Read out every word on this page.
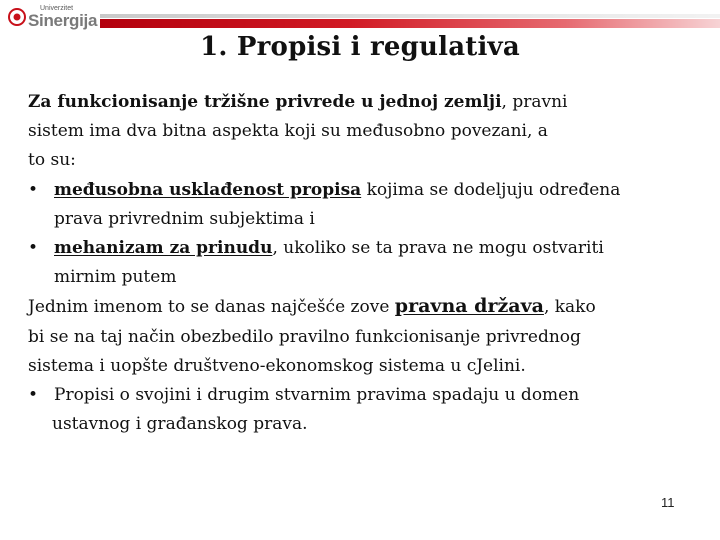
Univerzitet
Sinergija
1. Propisi i regulativa
Za funkcionisanje tržišne privrede u jednoj zemlji, pravni
sistem ima dva bitna aspekta koji su međusobno povezani, a
to su:
• međusobna usklađenost propisa kojima se dodeljuju određena
prava privrednim subjektima i
• mehanizam za prinudu, ukoliko se ta prava ne mogu ostvariti
mirnim putem
Jednim imenom to se danas najčešće zove pravna država, kako
bi se na taj način obezbedilo pravilno funkcionisanje privrednog
sistema i uopšte društveno-ekonomskog sistema u cJelini.
• Propisi o svojini i drugim stvarnim pravima spadaju u domen
ustavnog i građanskog prava.
11
